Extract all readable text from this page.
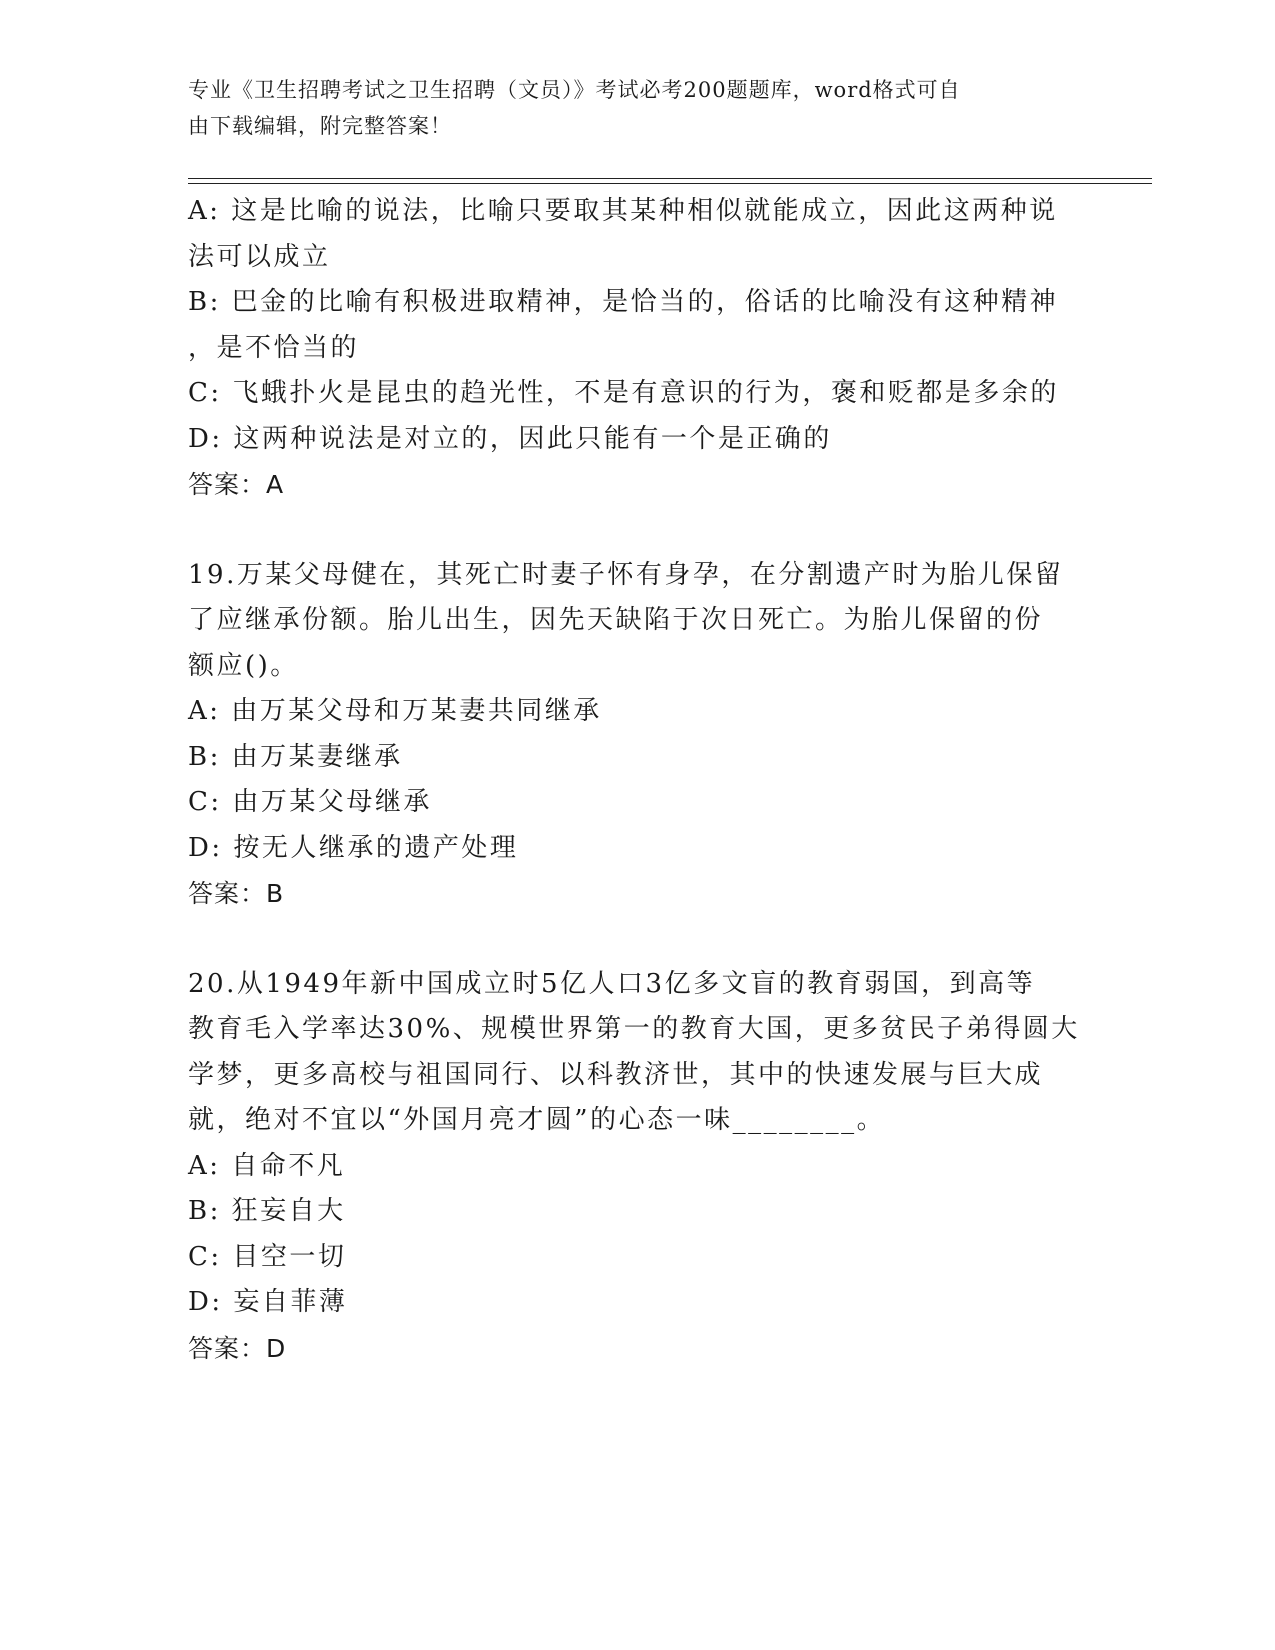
专业《卫生招聘考试之卫生招聘（文员）》考试必考200题题库，word格式可自
由下载编辑，附完整答案！
A: 这是比喻的说法，比喻只要取其某种相似就能成立，因此这两种说
法可以成立
B: 巴金的比喻有积极进取精神，是恰当的，俗话的比喻没有这种精神
，是不恰当的
C: 飞蛾扑火是昆虫的趋光性，不是有意识的行为，褒和贬都是多余的
D: 这两种说法是对立的，因此只能有一个是正确的
答案：A
19.万某父母健在，其死亡时妻子怀有身孕，在分割遗产时为胎儿保留
了应继承份额。胎儿出生，因先天缺陷于次日死亡。为胎儿保留的份
额应()。
A: 由万某父母和万某妻共同继承
B: 由万某妻继承
C: 由万某父母继承
D: 按无人继承的遗产处理
答案：B
20.从1949年新中国成立时5亿人口3亿多文盲的教育弱国，到高等
教育毛入学率达30%、规模世界第一的教育大国，更多贫民子弟得圆大
学梦，更多高校与祖国同行、以科教济世，其中的快速发展与巨大成
就，绝对不宜以“外国月亮才圆”的心态一味________。
A: 自命不凡
B: 狂妄自大
C: 目空一切
D: 妄自菲薄
答案：D
